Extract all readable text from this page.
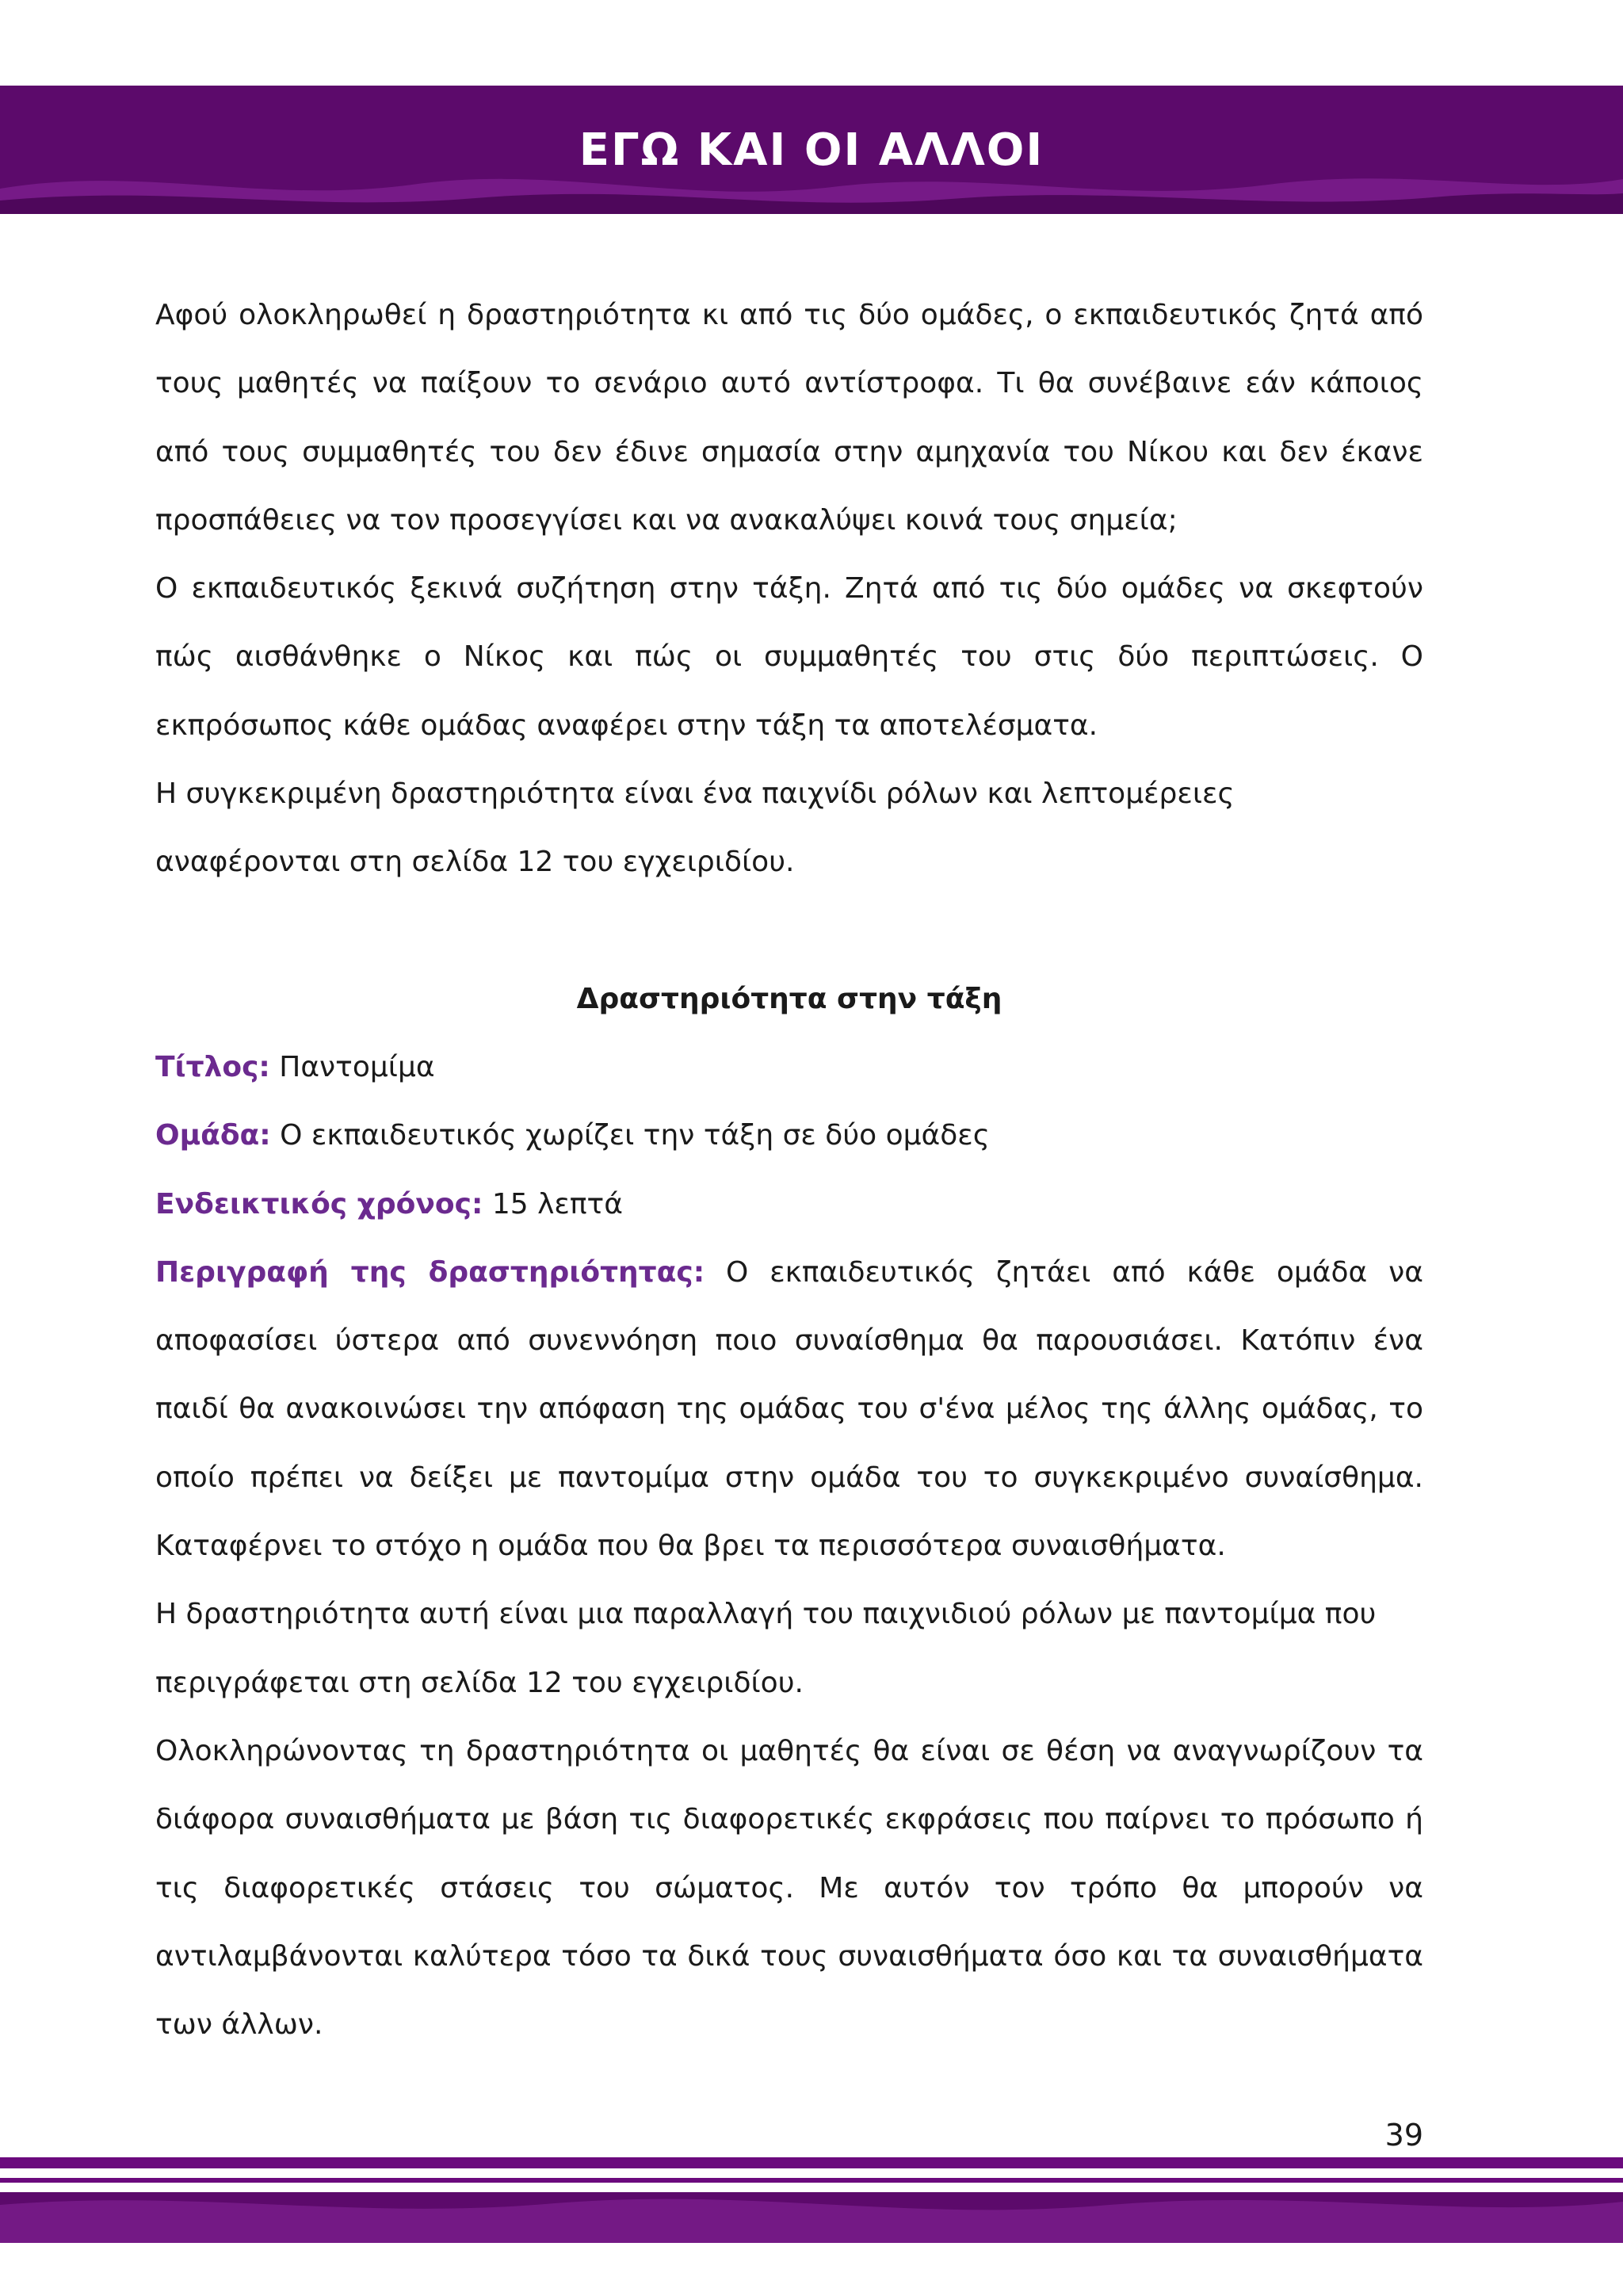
ΕΓΩ ΚΑΙ ΟΙ ΑΛΛΟΙ

Αφού ολοκληρωθεί η δραστηριότητα κι από τις δύο ομάδες, ο εκπαιδευτικός ζητά από τους μαθητές να παίξουν το σενάριο αυτό αντίστροφα. Τι θα συνέβαινε εάν κάποιος από τους συμμαθητές του δεν έδινε σημασία στην αμηχανία του Νίκου και δεν έκανε προσπάθειες να τον προσεγγίσει και να ανακαλύψει κοινά τους σημεία;

Ο εκπαιδευτικός ξεκινά συζήτηση στην τάξη. Ζητά από τις δύο ομάδες να σκεφτούν πώς αισθάνθηκε ο Νίκος και πώς οι συμμαθητές του στις δύο περιπτώσεις. Ο εκπρόσωπος κάθε ομάδας αναφέρει στην τάξη τα αποτελέσματα.

Η συγκεκριμένη δραστηριότητα είναι ένα παιχνίδι ρόλων και λεπτομέρειες αναφέρονται στη σελίδα 12 του εγχειριδίου.

Δραστηριότητα στην τάξη

Τίτλος: Παντομίμα

Ομάδα: Ο εκπαιδευτικός χωρίζει την τάξη σε δύο ομάδες

Ενδεικτικός χρόνος: 15 λεπτά

Περιγραφή της δραστηριότητας: Ο εκπαιδευτικός ζητάει από κάθε ομάδα να αποφασίσει ύστερα από συνεννόηση ποιο συναίσθημα θα παρουσιάσει. Κατόπιν ένα παιδί θα ανακοινώσει την απόφαση της ομάδας του σ'ένα μέλος της άλλης ομάδας, το οποίο πρέπει να δείξει με παντομίμα στην ομάδα του το συγκεκριμένο συναίσθημα. Καταφέρνει το στόχο η ομάδα που θα βρει τα περισσότερα συναισθήματα.

Η δραστηριότητα αυτή είναι μια παραλλαγή του παιχνιδιού ρόλων με παντομίμα που περιγράφεται στη σελίδα 12 του εγχειριδίου.

Ολοκληρώνοντας τη δραστηριότητα οι μαθητές θα είναι σε θέση να αναγνωρίζουν τα διάφορα συναισθήματα με βάση τις διαφορετικές εκφράσεις που παίρνει το πρόσωπο ή τις διαφορετικές στάσεις του σώματος. Με αυτόν τον τρόπο θα μπορούν να αντιλαμβάνονται καλύτερα τόσο τα δικά τους συναισθήματα όσο και τα συναισθήματα των άλλων.

39
